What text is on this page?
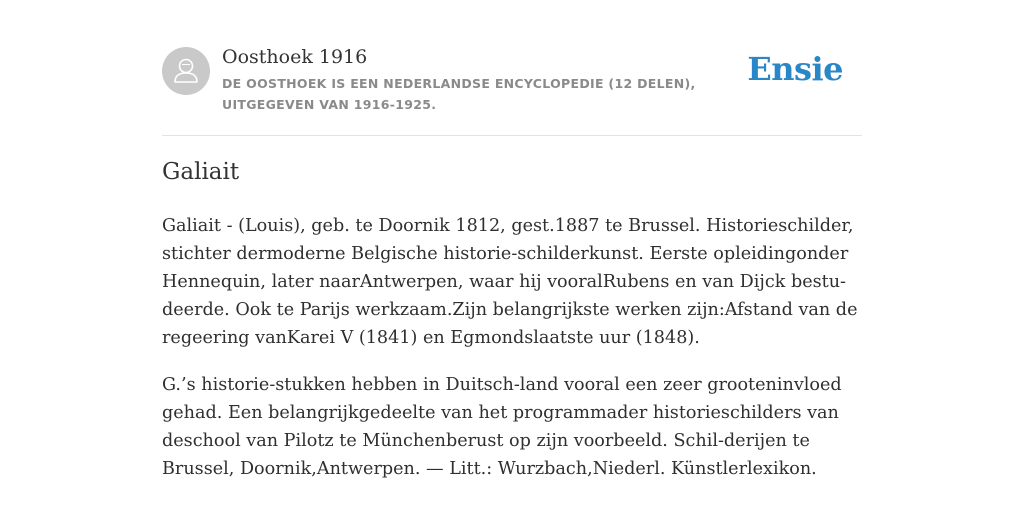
Oosthoek 1916
DE OOSTHOEK IS EEN NEDERLANDSE ENCYCLOPEDIE (12 DELEN), UITGEGEVEN VAN 1916-1925.
Ensie
Galiait

Galiait - (Louis), geb. te Doornik 1812, gest.1887 te Brussel. Historieschilder, stichter dermoderne Belgische historie-schilderkunst. Eerste opleidingonder Hennequin, later naarAntwerpen, waar hij vooralRubens en van Dijck bestu-deerde. Ook te Parijs werkzaam.Zijn belangrijkste werken zijn:Afstand van de regeering vanKarei V (1841) en Egmondslaatste uur (1848).

G.’s historie-stukken hebben in Duitsch-land vooral een zeer grooteninvloed gehad. Een belangrijkgedeelte van het programmader historieschilders van deschool van Pilotz te Münchenberust op zijn voorbeeld. Schil-derijen te Brussel, Doornik,Antwerpen. — Litt.: Wurzbach,Niederl. Künstlerlexikon.
